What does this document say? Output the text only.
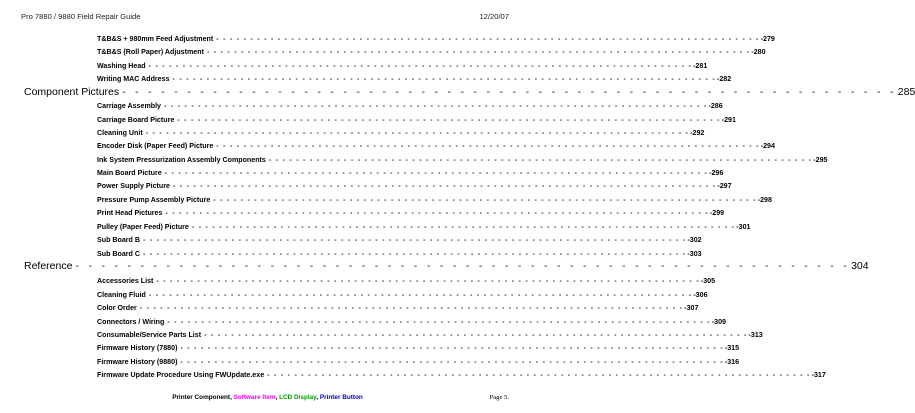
Pro 7880 / 9880 Field Repair Guide	12/20/07
T&B&S + 980mm Feed Adjustment - - - - - - - - - - - - - - - - - - - - - - - - - - - - - - - - - - - - - - - - - - - - - - - - - - - - - - - - - - - - - - - - - - - - - - - - - - - - - - - - -279
T&B&S (Roll Paper) Adjustment - - - - - - - - - - - - - - - - - - - - - - - - - - - - - - - - - - - - - - - - - - - - - - - - - - - - - - - - - - - - - - - - - - - - - - - - - - - - - - - - -280
Washing Head - - - - - - - - - - - - - - - - - - - - - - - - - - - - - - - - - - - - - - - - - - - - - - - - - - - - - - - - - - - - - - - - - - - - - - - - - - - - - - - - -281
Writing MAC Address - - - - - - - - - - - - - - - - - - - - - - - - - - - - - - - - - - - - - - - - - - - - - - - - - - - - - - - - - - - - - - - - - - - - - - - - - - - - - - - - -282
Component Pictures - - - - - - - - - - - - - - - - - - - - - - - - - - - - - - - - - - - - - - - - - - - - - - - - - - - - - - - - - - - - 285
Carriage Assembly - - - - - - - - - - - - - - - - - - - - - - - - - - - - - - - - - - - - - - - - - - - - - - - - - - - - - - - - - - - - - - - - - - - - - - - - - - - - - - - - -286
Carriage Board Picture - - - - - - - - - - - - - - - - - - - - - - - - - - - - - - - - - - - - - - - - - - - - - - - - - - - - - - - - - - - - - - - - - - - - - - - - - - - - - - - - -291
Cleaning Unit - - - - - - - - - - - - - - - - - - - - - - - - - - - - - - - - - - - - - - - - - - - - - - - - - - - - - - - - - - - - - - - - - - - - - - - - - - - - - - - - -292
Encoder Disk (Paper Feed) Picture - - - - - - - - - - - - - - - - - - - - - - - - - - - - - - - - - - - - - - - - - - - - - - - - - - - - - - - - - - - - - - - - - - - - - - - - - - - - - - - - -294
Ink System Pressurization Assembly Components - - - - - - - - - - - - - - - - - - - - - - - - - - - - - - - - - - - - - - - - - - - - - - - - - - - - - - - - - - - - - - - - - - - - - - - - - - - - - - - - -295
Main Board Picture - - - - - - - - - - - - - - - - - - - - - - - - - - - - - - - - - - - - - - - - - - - - - - - - - - - - - - - - - - - - - - - - - - - - - - - - - - - - - - - - -296
Power Supply Picture - - - - - - - - - - - - - - - - - - - - - - - - - - - - - - - - - - - - - - - - - - - - - - - - - - - - - - - - - - - - - - - - - - - - - - - - - - - - - - - - -297
Pressure Pump Assembly Picture - - - - - - - - - - - - - - - - - - - - - - - - - - - - - - - - - - - - - - - - - - - - - - - - - - - - - - - - - - - - - - - - - - - - - - - - - - - - - - - - -298
Print Head Pictures - - - - - - - - - - - - - - - - - - - - - - - - - - - - - - - - - - - - - - - - - - - - - - - - - - - - - - - - - - - - - - - - - - - - - - - - - - - - - - - - -299
Pulley (Paper Feed) Picture - - - - - - - - - - - - - - - - - - - - - - - - - - - - - - - - - - - - - - - - - - - - - - - - - - - - - - - - - - - - - - - - - - - - - - - - - - - - - - - - -301
Sub Board B - - - - - - - - - - - - - - - - - - - - - - - - - - - - - - - - - - - - - - - - - - - - - - - - - - - - - - - - - - - - - - - - - - - - - - - - - - - - - - - - -302
Sub Board C - - - - - - - - - - - - - - - - - - - - - - - - - - - - - - - - - - - - - - - - - - - - - - - - - - - - - - - - - - - - - - - - - - - - - - - - - - - - - - - - -303
Reference - - - - - - - - - - - - - - - - - - - - - - - - - - - - - - - - - - - - - - - - - - - - - - - - - - - - - - - - - - - - 304
Accessories List - - - - - - - - - - - - - - - - - - - - - - - - - - - - - - - - - - - - - - - - - - - - - - - - - - - - - - - - - - - - - - - - - - - - - - - - - - - - - - - - -305
Cleaning Fluid - - - - - - - - - - - - - - - - - - - - - - - - - - - - - - - - - - - - - - - - - - - - - - - - - - - - - - - - - - - - - - - - - - - - - - - - - - - - - - - - -306
Color Order - - - - - - - - - - - - - - - - - - - - - - - - - - - - - - - - - - - - - - - - - - - - - - - - - - - - - - - - - - - - - - - - - - - - - - - - - - - - - - - - -307
Connectors / Wiring - - - - - - - - - - - - - - - - - - - - - - - - - - - - - - - - - - - - - - - - - - - - - - - - - - - - - - - - - - - - - - - - - - - - - - - - - - - - - - - - -309
Consumable/Service Parts List - - - - - - - - - - - - - - - - - - - - - - - - - - - - - - - - - - - - - - - - - - - - - - - - - - - - - - - - - - - - - - - - - - - - - - - - - - - - - - - - -313
Firmware History (7880) - - - - - - - - - - - - - - - - - - - - - - - - - - - - - - - - - - - - - - - - - - - - - - - - - - - - - - - - - - - - - - - - - - - - - - - - - - - - - - - - -315
Firmware History (9880) - - - - - - - - - - - - - - - - - - - - - - - - - - - - - - - - - - - - - - - - - - - - - - - - - - - - - - - - - - - - - - - - - - - - - - - - - - - - - - - - -316
Firmware Update Procedure Using FWUpdate.exe - - - - - - - - - - - - - - - - - - - - - - - - - - - - - - - - - - - - - - - - - - - - - - - - - - - - - - - - - - - - - - - - - - - - - - - - - - - - - - - - -317
Printer Component, Software Item, LCD Display, Printer Button	Page 5.
